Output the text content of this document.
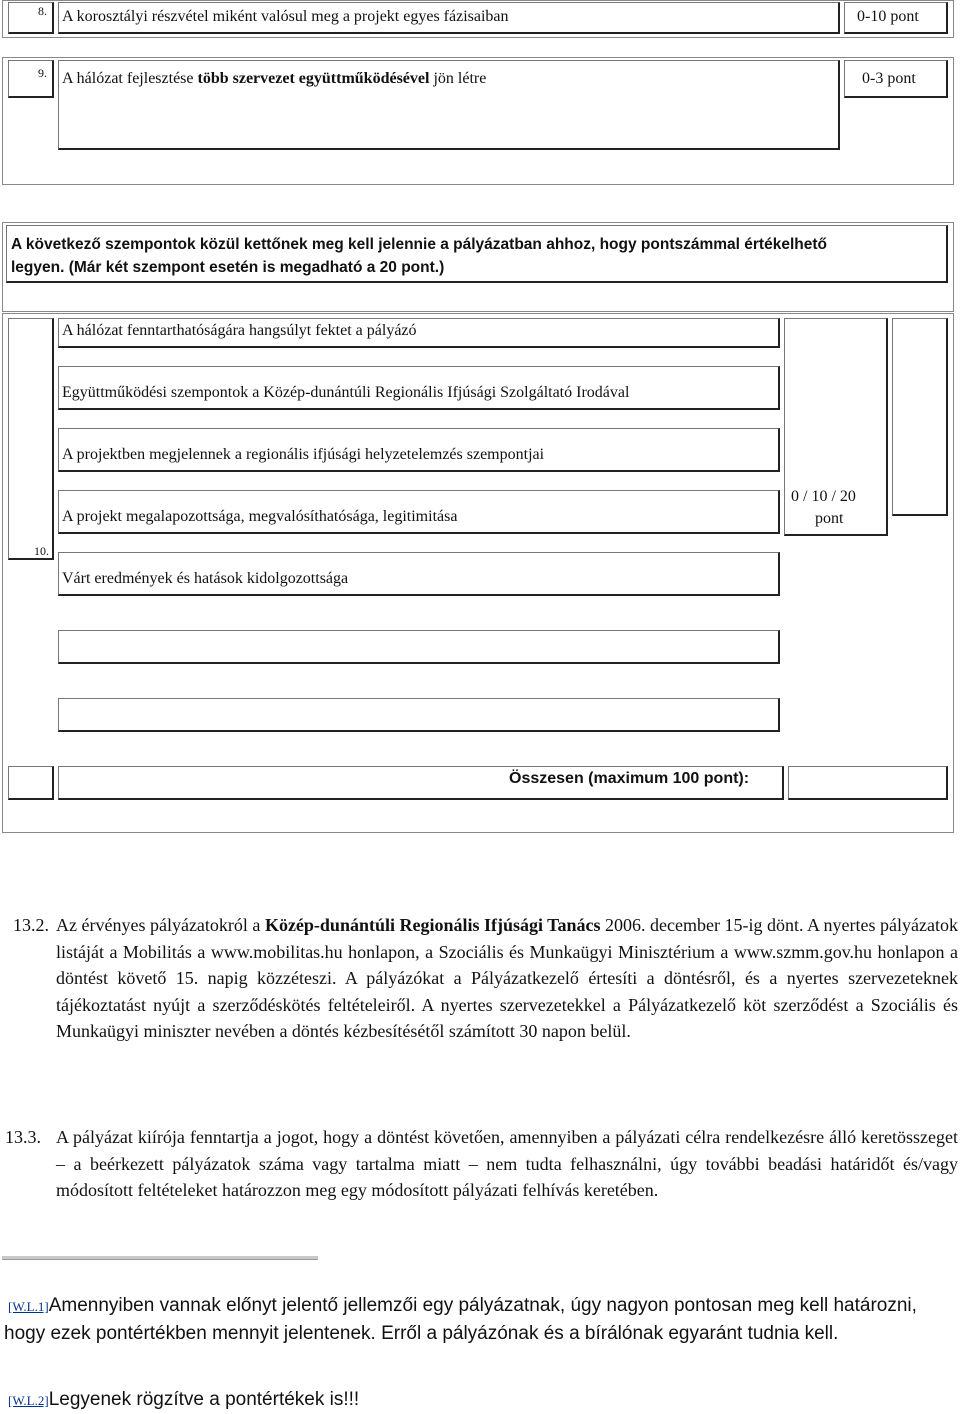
8. A korosztályi részvétel miként valósul meg a projekt egyes fázisaiban	0-10 pont
9. A hálózat fejlesztése több szervezet együttműködésével jön létre	0-3 pont
A következő szempontok közül kettőnek meg kell jelennie a pályázatban ahhoz, hogy pontszámmal értékelhető
legyen. (Már két szempont esetén is megadható a 20 pont.)
10.
A hálózat fenntarthatóságára hangsúlyt fektet a pályázó
Együttműködési szempontok a Közép-dunántúli Regionális Ifjúsági Szolgáltató Irodával
A projektben megjelennek a regionális ifjúsági helyzetelemzés szempontjai
A projekt megalapozottsága, megvalósíthatósága, legitimitása
Várt eredmények és hatások kidolgozottsága
0 / 10 / 20
pont
Összesen (maximum 100 pont):
13.2. Az érvényes pályázatokról a Közép-dunántúli Regionális Ifjúsági Tanács 2006. december 15-ig dönt. A nyertes pályázatok listáját a Mobilitás a www.mobilitas.hu honlapon, a Szociális és Munkaügyi Minisztérium a www.szmm.gov.hu honlapon a döntést követő 15. napig közzéteszi. A pályázókat a Pályázatkezelő értesíti a döntésről, és a nyertes szervezeteknek tájékoztatást nyújt a szerződéskötés feltételeiről. A nyertes szervezetekkel a Pályázatkezelő köt szerződést a Szociális és Munkaügyi miniszter nevében a döntés kézbesítésétől számított 30 napon belül.
13.3. A pályázat kiírója fenntartja a jogot, hogy a döntést követően, amennyiben a pályázati célra rendelkezésre álló keretösszeget – a beérkezett pályázatok száma vagy tartalma miatt – nem tudta felhasználni, úgy további beadási határidőt és/vagy módosított feltételeket határozzon meg egy módosított pályázati felhívás keretében.
[W.L.1]Amennyiben vannak előnyt jelentő jellemzői egy pályázatnak, úgy nagyon pontosan meg kell határozni, hogy ezek pontértékben mennyit jelentenek. Erről a pályázónak és a bírálónak egyaránt tudnia kell.
[W.L.2]Legyenek rögzítve a pontértékek is!!!
